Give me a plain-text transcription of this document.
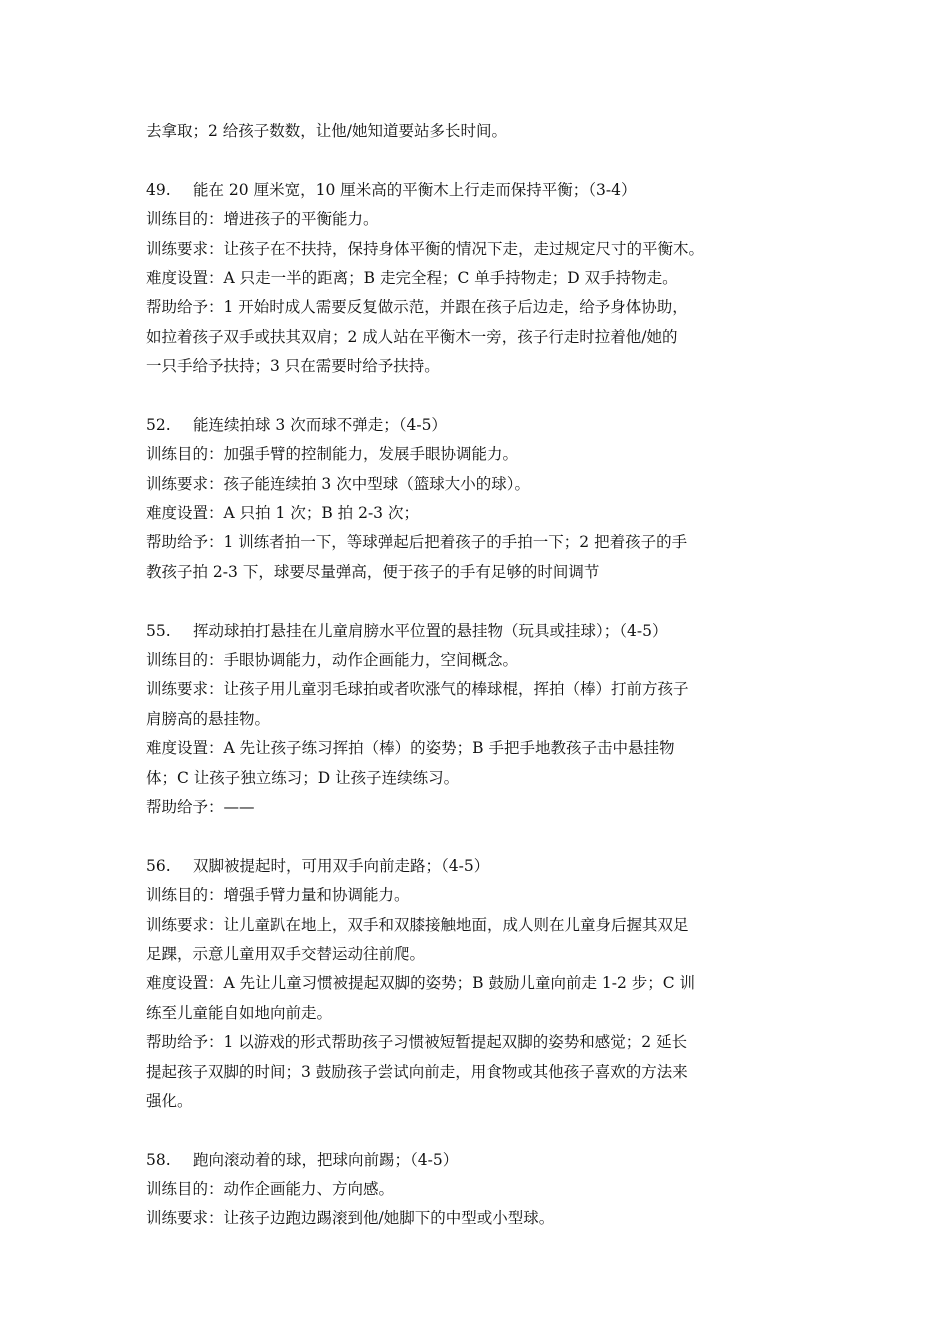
去拿取；2 给孩子数数，让他/她知道要站多长时间。
49. 能在 20 厘米宽，10 厘米高的平衡木上行走而保持平衡；（3-4）
训练目的：增进孩子的平衡能力。
训练要求：让孩子在不扶持，保持身体平衡的情况下走，走过规定尺寸的平衡木。
难度设置：A 只走一半的距离；B 走完全程；C 单手持物走；D 双手持物走。
帮助给予：1 开始时成人需要反复做示范，并跟在孩子后边走，给予身体协助，
如拉着孩子双手或扶其双肩；2 成人站在平衡木一旁，孩子行走时拉着他/她的
一只手给予扶持；3 只在需要时给予扶持。
52. 能连续拍球 3 次而球不弹走；（4-5）
训练目的：加强手臂的控制能力，发展手眼协调能力。
训练要求：孩子能连续拍 3 次中型球（篮球大小的球）。
难度设置：A 只拍 1 次；B 拍 2-3 次；
帮助给予：1 训练者拍一下，等球弹起后把着孩子的手拍一下；2 把着孩子的手
教孩子拍 2-3 下，球要尽量弹高，便于孩子的手有足够的时间调节
55. 挥动球拍打悬挂在儿童肩膀水平位置的悬挂物（玩具或挂球）；（4-5）
训练目的：手眼协调能力，动作企画能力，空间概念。
训练要求：让孩子用儿童羽毛球拍或者吹涨气的棒球棍，挥拍（棒）打前方孩子
肩膀高的悬挂物。
难度设置：A 先让孩子练习挥拍（棒）的姿势；B 手把手地教孩子击中悬挂物
体；C 让孩子独立练习；D 让孩子连续练习。
帮助给予：——
56. 双脚被提起时，可用双手向前走路；（4-5）
训练目的：增强手臂力量和协调能力。
训练要求：让儿童趴在地上，双手和双膝接触地面，成人则在儿童身后握其双足
足踝，示意儿童用双手交替运动往前爬。
难度设置：A 先让儿童习惯被提起双脚的姿势；B 鼓励儿童向前走 1-2 步；C 训
练至儿童能自如地向前走。
帮助给予：1 以游戏的形式帮助孩子习惯被短暂提起双脚的姿势和感觉；2 延长
提起孩子双脚的时间；3 鼓励孩子尝试向前走，用食物或其他孩子喜欢的方法来
强化。
58. 跑向滚动着的球，把球向前踢；（4-5）
训练目的：动作企画能力、方向感。
训练要求：让孩子边跑边踢滚到他/她脚下的中型或小型球。
